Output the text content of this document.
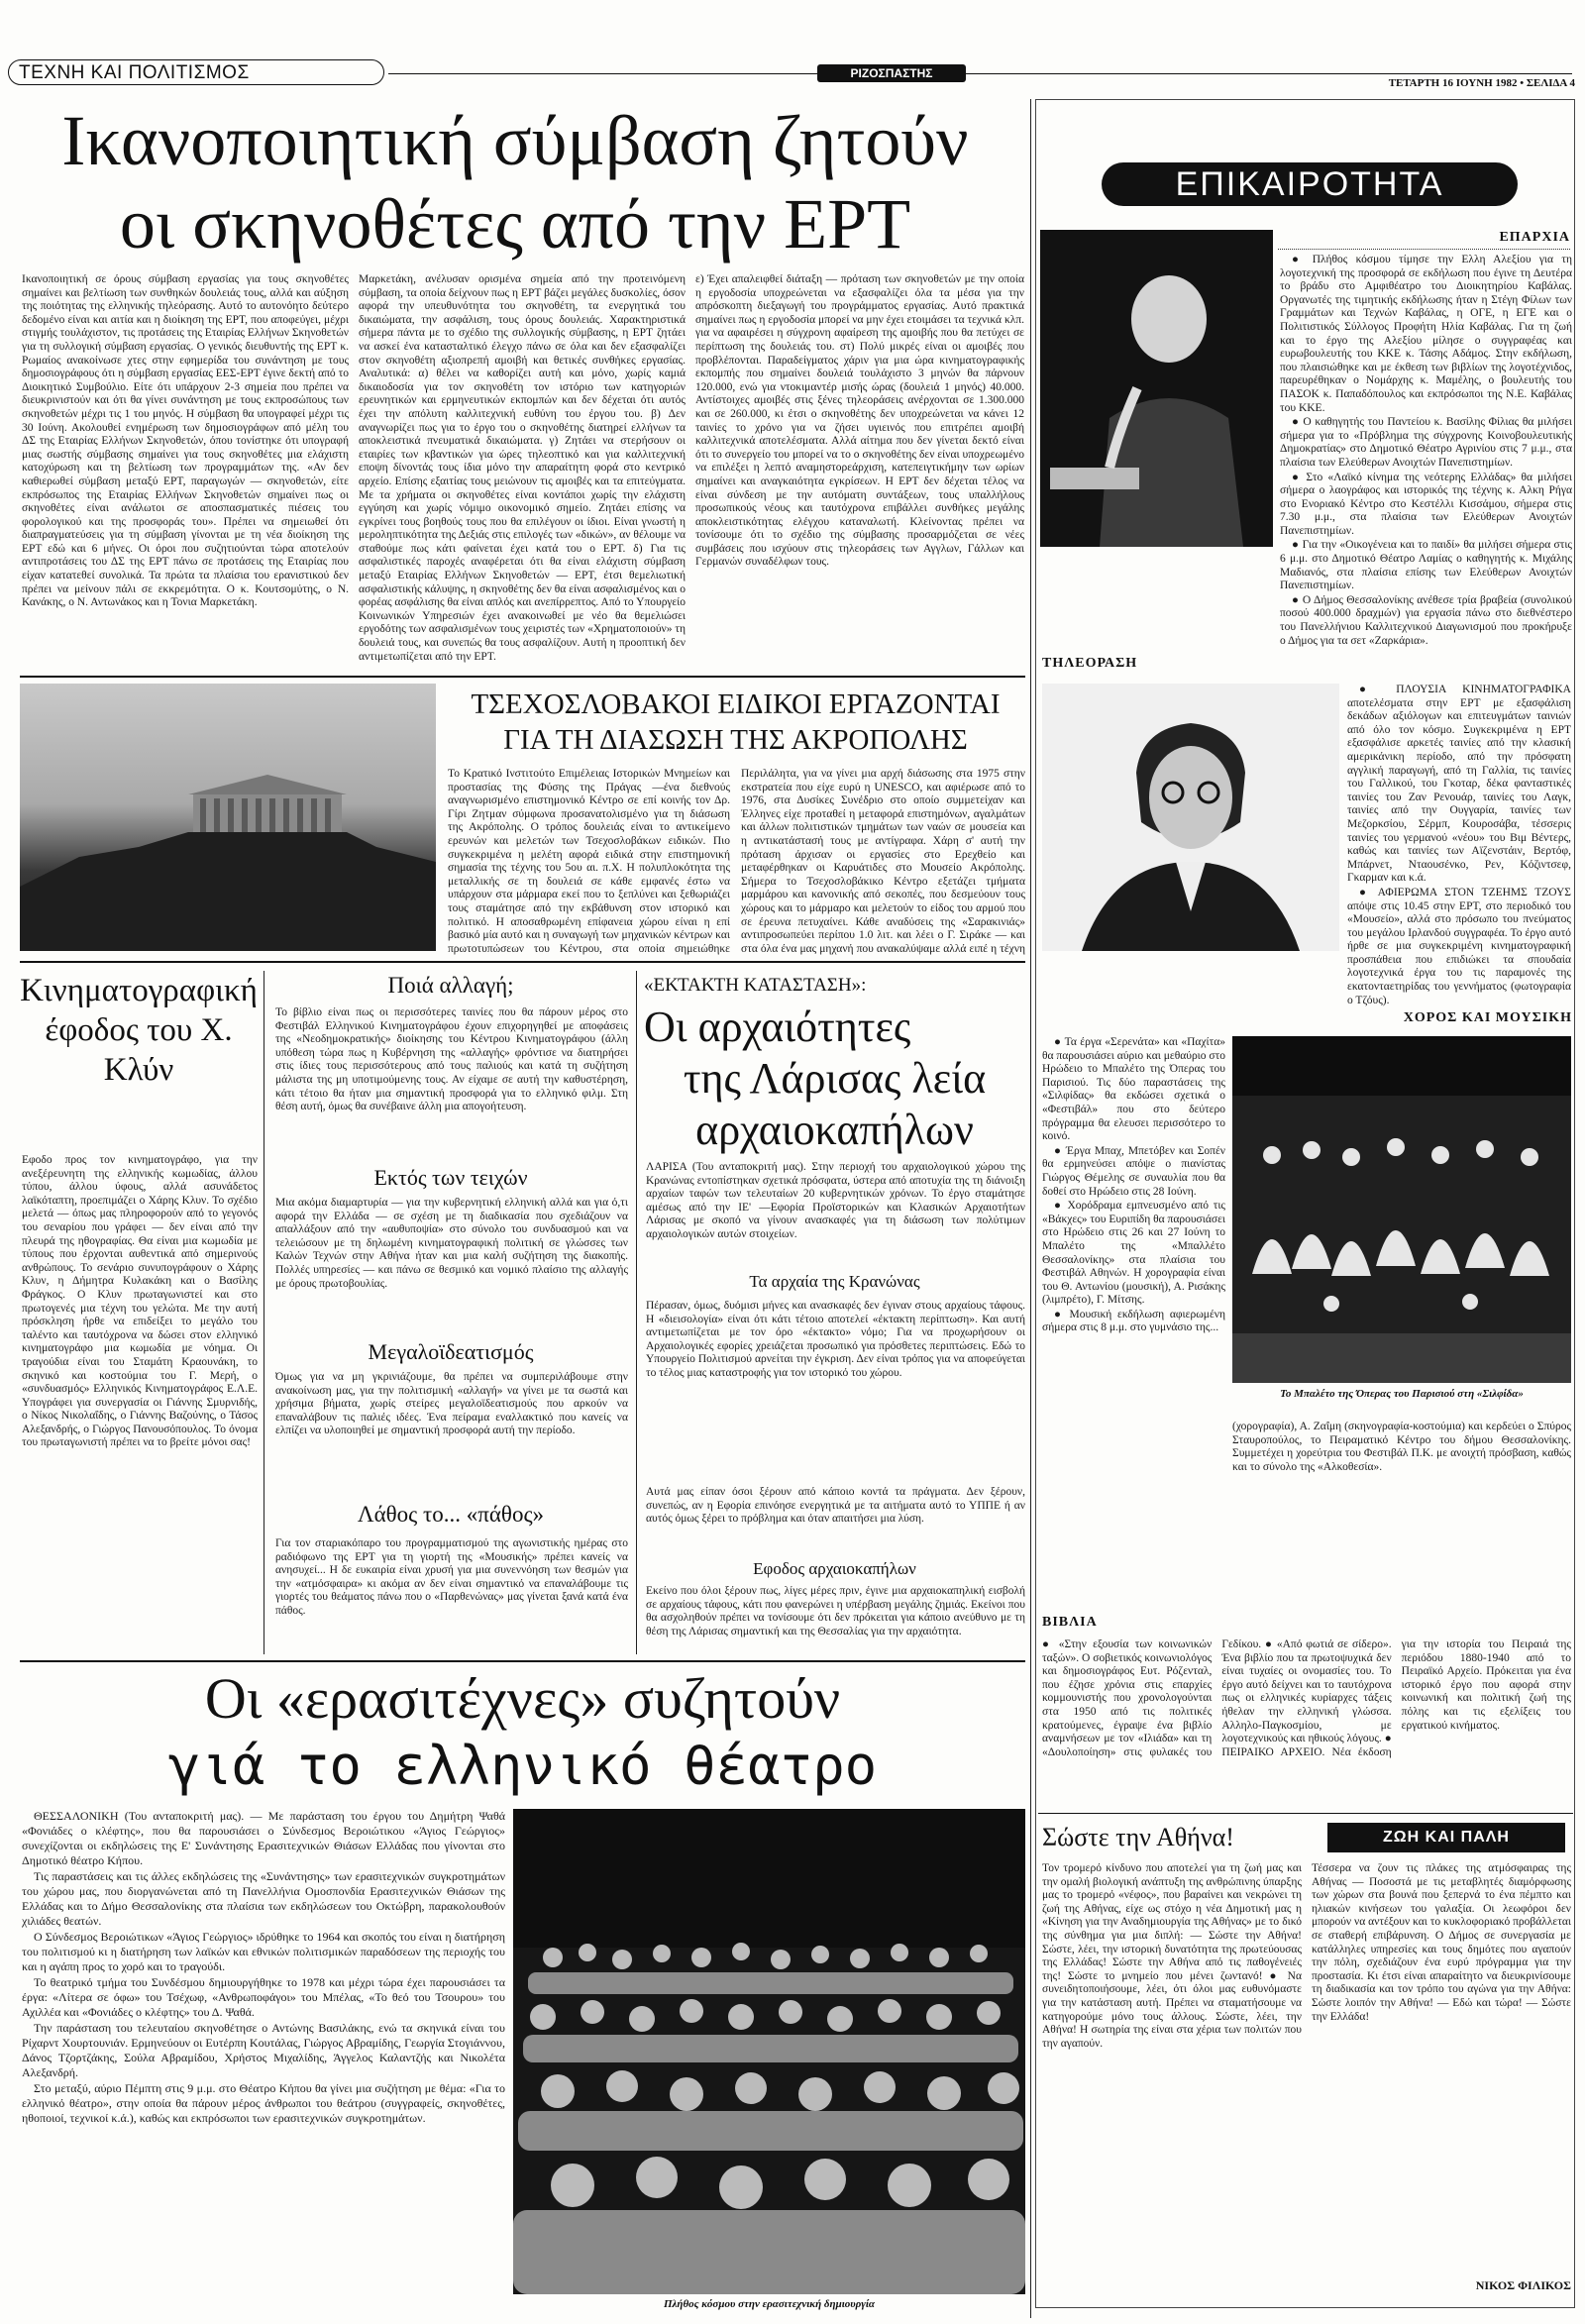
ΤΕΧΝΗ ΚΑΙ ΠΟΛΙΤΙΣΜΟΣ	ΡΙΖΟΣΠΑΣΤΗΣ
ΤΕΤΑΡΤΗ 16 ΙΟΥΝΗ 1982 • ΣΕΛΙΔΑ 4
Ικανοποιητική σύμβαση ζητούν
οι σκηνοθέτες από την ΕΡΤ
Ικανοποιητική σε όρους σύμβαση εργασίας για τους σκηνοθέτες σημαίνει και βελτίωση των συνθηκών δουλειάς τους, αλλά και αύξηση της ποιότητας της ελληνικής τηλεόρασης. Αυτό το αυτονόητο δεύτερο δεδομένο είναι και αιτία και η διοίκηση της ΕΡΤ, που αποφεύγει, μέχρι στιγμής τουλάχιστον, τις προτάσεις της Εταιρίας Ελλήνων Σκηνοθετών για τη συλλογική σύμβαση εργασίας. Ο γενικός διευθυντής της ΕΡΤ κ. Ρωμαίος ανακοίνωσε χτες στην εφημερίδα του συνάντηση με τους δημοσιογράφους ότι η σύμβαση εργασίας ΕΕΣ-ΕΡΤ έγινε δεκτή από το Διοικητικό Συμβούλιο. Είτε ότι υπάρχουν 2-3 σημεία που πρέπει να διευκρινιστούν και ότι θα γίνει συνάντηση με τους εκπροσώπους των σκηνοθετών μέχρι τις 1 του μηνός. Η σύμβαση θα υπογραφεί μέχρι τις 30 Ιούνη. Ακολουθεί ενημέρωση των δημοσιογράφων από μέλη του ΔΣ της Εταιρίας Ελλήνων Σκηνοθετών, όπου τονίστηκε ότι υπογραφή μιας σωστής σύμβασης σημαίνει για τους σκηνοθέτες μια ελάχιστη κατοχύρωση και τη βελτίωση των προγραμμάτων της. «Αν δεν καθιερωθεί σύμβαση μεταξύ ΕΡΤ, παραγωγών — σκηνοθετών, είτε εκπρόσωπος της Εταιρίας Ελλήνων Σκηνοθετών σημαίνει πως οι σκηνοθέτες είναι ανάλωτοι σε αποσπασματικές πιέσεις του φορολογικού και της προσφοράς του». Πρέπει να σημειωθεί ότι διαπραγματεύσεις για τη σύμβαση γίνονται με τη νέα διοίκηση της ΕΡΤ εδώ και 6 μήνες. Οι όροι που συζητιούνται τώρα αποτελούν αντιπροτάσεις του ΔΣ της ΕΡΤ πάνω σε προτάσεις της Εταιρίας που είχαν κατατεθεί συνολικά. Τα πρώτα τα πλαίσια του ερανιστικού δεν πρέπει να μείνουν πάλι σε εκκρεμότητα. Ο κ. Κουτσομύτης, ο Ν. Κανάκης, ο Ν. Αντωνάκος και η Τονια Μαρκετάκη.
Μαρκετάκη, ανέλυσαν ορισμένα σημεία από την προτεινόμενη σύμβαση, τα οποία δείχνουν πως η ΕΡΤ βάζει μεγάλες δυσκολίες, όσον αφορά την υπευθυνότητα του σκηνοθέτη, τα ενεργητικά του δικαιώματα, την ασφάλιση, τους όρους δουλειάς. Χαρακτηριστικά σήμερα πάντα με το σχέδιο της συλλογικής σύμβασης, η ΕΡΤ ζητάει να ασκεί ένα κατασταλτικό έλεγχο πάνω σε όλα και δεν εξασφαλίζει στον σκηνοθέτη αξιοπρεπή αμοιβή και θετικές συνθήκες εργασίας. Αναλυτικά: α) θέλει να καθορίζει αυτή και μόνο, χωρίς καμιά δικαιοδοσία για τον σκηνοθέτη τον ιστόριο των κατηγοριών ερευνητικών και ερμηνευτικών εκπομπών και δεν δέχεται ότι αυτός έχει την απόλυτη καλλιτεχνική ευθύνη του έργου του. β) Δεν αναγνωρίζει πως για το έργο του ο σκηνοθέτης διατηρεί ελλήνων τα αποκλειστικά πνευματικά δικαιώματα. γ) Ζητάει να στερήσουν οι εταιρίες των κβαντικών για ώρες τηλεοπτικό και για καλλιτεχνική εποψη δίνοντάς τους ίδια μόνο την απαραίτητη φορά στο κεντρικό αρχείο. Επίσης εξαιτίας τους μειώνουν τις αμοιβές και τα επιτεύγματα. Με τα χρήματα οι σκηνοθέτες είναι κοντάποι χωρίς την ελάχιστη εγγύηση και χωρίς νόμιμο οικονομικό σημείο. Ζητάει επίσης να εγκρίνει τους βοηθούς τους που θα επιλέγουν οι ίδιοι. Είναι γνωστή η μεροληπτικότητα της Δεξιάς στις επιλογές των «δικών», αν θέλουμε να σταθούμε πως κάτι φαίνεται έχει κατά του ο ΕΡΤ. δ) Για τις ασφαλιστικές παροχές αναφέρεται ότι θα είναι ελάχιστη σύμβαση μεταξύ Εταιρίας Ελλήνων Σκηνοθετών — ΕΡΤ, έτσι θεμελιωτική ασφαλιστικής κάλυψης, η σκηνοθέτης δεν θα είναι ασφαλισμένος και ο φορέας ασφάλισης θα είναι απλός και ανεπίρρεπτος. Από το Υπουργείο Κοινωνικών Υπηρεσιών έχει ανακοινωθεί με νέο θα θεμελιώσει εργοδότης των ασφαλισμένων τους χειριστές των «Χρηματοποιούν» τη δουλειά τους, και συνεπώς θα τους ασφαλίζουν. Αυτή η προοπτική δεν αντιμετωπίζεται από την ΕΡΤ.
ε) Έχει απαλειφθεί διάταξη — πρόταση των σκηνοθετών με την οποία η εργοδοσία υποχρεώνεται να εξασφαλίζει όλα τα μέσα για την απρόσκοπτη διεξαγωγή του προγράμματος εργασίας. Αυτό πρακτικά σημαίνει πως η εργοδοσία μπορεί να μην έχει ετοιμάσει τα τεχνικά κλπ. για να αφαιρέσει η σύγχρονη αφαίρεση της αμοιβής που θα πετύχει σε περίπτωση της δουλειάς του. στ) Πολύ μικρές είναι οι αμοιβές που προβλέπονται. Παραδείγματος χάριν για μια ώρα κινηματογραφικής εκπομπής που σημαίνει δουλειά τουλάχιστο 3 μηνών θα πάρνουν 120.000, ενώ για ντοκιμαντέρ μισής ώρας (δουλειά 1 μηνός) 40.000. Αντίστοιχες αμοιβές στις ξένες τηλεοράσεις ανέρχονται σε 1.300.000 και σε 260.000, κι έτσι ο σκηνοθέτης δεν υποχρεώνεται να κάνει 12 ταινίες το χρόνο για να ζήσει υγιεινός που επιτρέπει αμοιβή καλλιτεχνικά αποτελέσματα. Αλλά αίτημα που δεν γίνεται δεκτό είναι ότι το συνεργείο του μπορεί να το ο σκηνοθέτης δεν είναι υποχρεωμένο να επιλέξει η λεπτό αναμηστορεάρχιση, κατεπειγτικήμην των ωρίων σημαίνει και αναγκαιότητα εγκρίσεων. Η ΕΡΤ δεν δέχεται τέλος να είναι σύνδεση με την αυτόματη συντάξεων, τους υπαλλήλους προσωπικούς νέους και ταυτόχρονα επιβάλλει συνθήκες μεγάλης αποκλειστικότητας ελέγχου καταναλωτή. Κλείνοντας πρέπει να τονίσουμε ότι το σχέδιο της σύμβασης προσαρμόζεται σε νέες συμβάσεις που ισχύουν στις τηλεοράσεις των Αγγλων, Γάλλων και Γερμανών συναδέλφων τους.
ΤΣΕΧΟΣΛΟΒΑΚΟΙ ΕΙΔΙΚΟΙ ΕΡΓΑΖΟΝΤΑΙ
ΓΙΑ ΤΗ ΔΙΑΣΩΣΗ ΤΗΣ ΑΚΡΟΠΟΛΗΣ
Το Κρατικό Ινστιτούτο Επιμέλειας Ιστορικών Μνημείων και προστασίας της Φύσης της Πράγας —ένα διεθνούς αναγνωρισμένο επιστημονικό Κέντρο σε επί κοινής τον Δρ. Γίρι Ζητμαν σύμφωνα προσανατολισμένο για τη διάσωση της Ακρόπολης. Ο τρόπος δουλειάς είναι το αντικείμενο ερευνών και μελετών των Τσεχοσλοβάκων ειδικών. Πιο συγκεκριμένα η μελέτη αφορά ειδικά στην επιστημονική σημασία της τέχνης του 5ου αι. π.Χ. Η πολυπλοκότητα της μεταλλικής σε τη δουλειά σε κάθε εμφανές έστω να υπάρχουν στα μάρμαρα εκεί που το ξεπλύνει και ξεθωριάζει τους σταμάτησε από την εκβάθυνση στον ιστορικό και πολιτικό. Η αποσαθρωμένη επίφανεια χώρου είναι η επί βασικό μία αυτό και η συναγωγή των μηχανικών κέντρων και πρωτοτυπώσεων του Κέντρου, στα οποία σημειώθηκε
Περιλάλητα, για να γίνει μια αρχή διάσωσης στα 1975 στην εκστρατεία που είχε ευρύ η UNESCO, και αφιέρωσε από το 1976, στα Δυσίκες Συνέδριο στο οποίο συμμετείχαν και Έλληνες είχε προταθεί η μεταφορά επιστημόνων, αγαλμάτων και άλλων πολιτιστικών τμημάτων των ναών σε μουσεία και η αντικατάστασή τους με αντίγραφα. Χάρη σ' αυτή την πρόταση άρχισαν οι εργασίες στο Ερεχθείο και μεταφέρθηκαν οι Καρυάτιδες στο Μουσείο Ακρόπολης. Σήμερα το Τσεχοσλοβάκικο Κέντρο εξετάζει τμήματα μαρμάρου και κανονικής από σεκοπές, που δεσμεύουν τους χώρους και το μάρμαρο και μελετούν το είδος του αρμού που σε έρευνα πετυχαίνει. Κάθε αναδύσεις της «Σαρακινιάς» αντιπροσωπεύει περίπου 1.0 λιτ. και λέει ο Γ. Σιράκε — και στα όλα ένα μας μηχανή που ανακαλύψαμε αλλά ειπέ η τέχνη
Κινηματογραφική έφοδος του Χ. Κλύν
Εφοδο προς τον κινηματογράφο, για την ανεξέρευνητη της ελληνικής κωμωδίας, άλλου τύπου, άλλου ύφους, αλλά ασυνάδετος λαϊκόταπτη, προεπιμάζει ο Χάρης Κλυν. Το σχέδιο μελετά — όπως μας πληροφορούν από το γεγονός του σεναρίου που γράφει — δεν είναι από την πλευρά της ηθογραφίας. Θα είναι μια κωμωδία με τύπους που έρχονται αυθεντικά από σημερινούς ανθρώπους. Το σενάριο συνυπογράφουν ο Χάρης Κλυν, η Δήμητρα Κυλακάκη και ο Βασίλης Φράγκος. Ο Κλυν πρωταγωνιστεί και στο πρωτογενές μια τέχνη του γελώτα. Με την αυτή πρόσκληση ήρθε να επιδείξει το μεγάλο του ταλέντο και ταυτόχρονα να δώσει στον ελληνικό κινηματογράφο μια κωμωδία με νόημα. Οι τραγούδια είναι του Σταμάτη Κραουνάκη, το σκηνικό και κοστούμια του Γ. Μερή, ο «συνδυασμός» Ελληνικός Κινηματογράφος Ε.Λ.Ε. Υπογράφει για συνεργασία οι Γιάννης Σμυρνιδής, ο Νίκος Νικολαΐδης, ο Γιάννης Βαζούνης, ο Τάσος Αλεξανδρής, ο Γιώργος Πανουσόπουλος. Το όνομα του πρωταγωνιστή πρέπει να το βρείτε μόνοι σας!
Ποιά αλλαγή;
Το βίβλιο είναι πως οι περισσότερες ταινίες που θα πάρουν μέρος στο Φεστιβάλ Ελληνικού Κινηματογράφου έχουν επιχορηγηθεί με αποφάσεις της «Νεοδημοκρατικής» διοίκησης του Κέντρου Κινηματογράφου (άλλη υπόθεση τώρα πως η Κυβέρνηση της «αλλαγής» φρόντισε να διατηρήσει στις ίδιες τους περισσότερους από τους παλιούς και κατά τη συζήτηση μάλιστα της μη υποτιμούμενης τους. Αν είχαμε σε αυτή την καθυστέρηση, κάτι τέτοιο θα ήταν μια σημαντική προσφορά για το ελληνικό φιλμ. Στη θέση αυτή, όμως θα συνέβαινε άλλη μια απογοήτευση.
Εκτός των τειχών
Μια ακόμα διαμαρτυρία — για την κυβερνητική ελληνική αλλά και για ό,τι αφορά την Ελλάδα — σε σχέση με τη διαδικασία που σχεδιάζουν να απαλλάξουν από την «αυθυποψία» στο σύνολο του συνδυασμού και να τελειώσουν με τη δηλωμένη κινηματογραφική πολιτική σε γλώσσες των Καλών Τεχνών στην Αθήνα ήταν και μια καλή συζήτηση της διακοπής. Πολλές υπηρεσίες — και πάνω σε θεσμικό και νομικό πλαίσιο της αλλαγής με όρους πρωτοβουλίας.
Μεγαλοϊδεατισμός
Όμως για να μη γκρινιάζουμε, θα πρέπει να συμπεριλάβουμε στην ανακοίνωση μας, για την πολιτισμική «αλλαγή» να γίνει με τα σωστά και χρήσιμα βήματα, χωρίς στείρες μεγαλοϊδεατισμούς που αρκούν να επαναλάβουν τις παλιές ιδέες. Ένα πείραμα εναλλακτικό που κανείς να ελπίζει να υλοποιηθεί με σημαντική προσφορά αυτή την περίοδο.
Λάθος το... «πάθος»
Για τον σταριακόπαρο του προγραμματισμού της αγωνιστικής ημέρας στο ραδιόφωνο της ΕΡΤ για τη γιορτή της «Μουσικής» πρέπει κανείς να ανησυχεί... Η δε ευκαιρία είναι χρυσή για μια συνεννόηση των θεσμών για την «ατμόσφαιρα» κι ακόμα αν δεν είναι σημαντικό να επαναλάβουμε τις γιορτές του θεάματος πάνω που ο «Παρθενώνας» μας γίνεται ξανά κατά ένα πάθος.
«ΕΚΤΑΚΤΗ ΚΑΤΑΣΤΑΣΗ»:
Οι αρχαιότητες
της Λάρισας λεία
αρχαιοκαπήλων
ΛΑΡΙΣΑ (Του ανταποκριτή μας). Στην περιοχή του αρχαιολογικού χώρου της Κρανώνας εντοπίστηκαν σχετικά πρόσφατα, ύστερα από αποτυχία της τη διάνοιξη αρχαίων ταφών των τελευταίων 20 κυβερνητικών χρόνων. Το έργο σταμάτησε αμέσως από την ΙΕ' —Εφορία Προϊστορικών και Κλασικών Αρχαιοτήτων Λάρισας με σκοπό να γίνουν ανασκαφές για τη διάσωση των πολύτιμων αρχαιολογικών αυτών στοιχείων.
Τα αρχαία της Κρανώνας
Πέρασαν, όμως, δυόμισι μήνες και ανασκαφές δεν έγιναν στους αρχαίους τάφους. Η «διεισολογία» είναι ότι κάτι τέτοιο αποτελεί «έκτακτη περίπτωση». Και αυτή αντιμετωπίζεται με τον όρο «έκτακτο» νόμο; Για να προχωρήσουν οι Αρχαιολογικές εφορίες χρειάζεται προσωπικό για πρόσθετες περιπτώσεις. Εδώ το Υπουργείο Πολιτισμού αρνείται την έγκριση. Δεν είναι τρόπος για να αποφεύγεται το τέλος μιας καταστροφής για τον ιστορικό του χώρου.
Αυτά μας είπαν όσοι ξέρουν από κάποιο κοντά τα πράγματα. Δεν ξέρουν, συνεπώς, αν η Εφορία επινόησε ενεργητικά με τα αιτήματα αυτό το ΥΠΠΕ ή αν αυτός όμως ξέρει το πρόβλημα και όταν απαιτήσει μια λύση.
Εφοδος αρχαιοκαπήλων
Εκείνο που όλοι ξέρουν πως, λίγες μέρες πριν, έγινε μια αρχαιοκαπηλική εισβολή σε αρχαίους τάφους, κάτι που φανερώνει η υπέρβαση μεγάλης ζημιάς. Εκείνοι που θα ασχοληθούν πρέπει να τονίσουμε ότι δεν πρόκειται για κάποιο ανεύθυνο με τη θέση της Λάρισας σημαντική και της Θεσσαλίας για την αρχαιότητα.
Οι «ερασιτέχνες» συζητούν
γιά το ελληνικό θέατρο

ΘΕΣΣΑΛΟΝΙΚΗ (Του ανταποκριτή μας). — Με παράσταση του έργου του Δημήτρη Ψαθά «Φονιάδες ο κλέφτης», που θα παρουσιάσει ο Σύνδεσμος Βεροιώτικου «Άγιος Γεώργιος» συνεχίζονται οι εκδηλώσεις της Ε' Συνάντησης Ερασιτεχνικών Θιάσων Ελλάδας που γίνονται στο Δημοτικό θέατρο Κήπου.

Τις παραστάσεις και τις άλλες εκδηλώσεις της «Συνάντησης» των ερασιτεχνικών συγκροτημάτων του χώρου μας, που διοργανώνεται από τη Πανελλήνια Ομοσπονδία Ερασιτεχνικών Θιάσων της Ελλάδας και το Δήμο Θεσσαλονίκης στα πλαίσια των εκδηλώσεων του Οκτώβρη, παρακολουθούν χιλιάδες θεατών.

Ο Σύνδεσμος Βεροιώτικων «Άγιος Γεώργιος» ιδρύθηκε το 1964 και σκοπός του είναι η διατήρηση του πολιτισμού κι η διατήρηση των λαϊκών και εθνικών πολιτισμικών παραδόσεων της περιοχής του και η αγάπη προς το χορό και το τραγούδι.

Το θεατρικό τμήμα του Συνδέσμου δημιουργήθηκε το 1978 και μέχρι τώρα έχει παρουσιάσει τα έργα: «Λίτερα σε όφω» του Τσέχωφ, «Ανθρωποφάγοι» του Μπέλας, «Το θεό του Τσουρου» του Αχιλλέα και «Φονιάδες ο κλέφτης» του Δ. Ψαθά.

Την παράσταση του τελευταίου σκηνοθέτησε ο Αντώνης Βασιλάκης, ενώ τα σκηνικά είναι του Ρίχαρντ Χουρτουνιάν. Ερμηνεύουν οι Ευτέρπη Κουτάλας, Γιώργος Αβραμίδης, Γεωργία Στογιάννου, Δάνος Τζορτζάκης, Σούλα Αβραμίδου, Χρήστος Μιχαλίδης, Άγγελος Καλαντζής και Νικολέτα Αλεξανδρή.

Στο μεταξύ, αύριο Πέμπτη στις 9 μ.μ. στο Θέατρο Κήπου θα γίνει μια συζήτηση με θέμα: «Για το ελληνικό θέατρο», στην οποία θα πάρουν μέρος άνθρωποι του θεάτρου (συγγραφείς, σκηνοθέτες, ηθοποιοί, τεχνικοί κ.ά.), καθώς και εκπρόσωποι των ερασιτεχνικών συγκροτημάτων.

Πλήθος κόσμου στην ερασιτεχνική δημιουργία
ΕΠΙΚΑΙΡΟΤΗΤΑ
ΕΠΑΡΧΙΑ

● Πλήθος κόσμου τίμησε την Ελλη Αλεξίου για τη λογοτεχνική της προσφορά σε εκδήλωση που έγινε τη Δευτέρα το βράδυ στο Αμφιθέατρο του Διοικητηρίου Καβάλας. Οργανωτές της τιμητικής εκδήλωσης ήταν η Στέγη Φίλων των Γραμμάτων και Τεχνών Καβάλας, η ΟΓΕ, η ΕΓΕ και ο Πολιτιστικός Σύλλογος Προφήτη Ηλία Καβάλας. Για τη ζωή και το έργο της Αλεξίου μίλησε ο συγγραφέας και ευρωβουλευτής του ΚΚΕ κ. Τάσης Αδάμος. Στην εκδήλωση, που πλαισιώθηκε και με έκθεση των βιβλίων της λογοτέχνιδος, παρευρέθηκαν ο Νομάρχης κ. Μαμέλης, ο βουλευτής του ΠΑΣΟΚ κ. Παπαδόπουλος και εκπρόσωποι της Ν.Ε. Καβάλας του ΚΚΕ.

● Ο καθηγητής του Παντείου κ. Βασίλης Φίλιας θα μιλήσει σήμερα για το «Πρόβλημα της σύγχρονης Κοινοβουλευτικής Δημοκρατίας» στο Δημοτικό Θέατρο Αγρινίου στις 7 μ.μ., στα πλαίσια των Ελεύθερων Ανοιχτών Πανεπιστημίων.

● Στο «Λαϊκό κίνημα της νεότερης Ελλάδας» θα μιλήσει σήμερα ο λαογράφος και ιστορικός της τέχνης κ. Αλκη Ρήγα στο Ενοριακό Κέντρο στο Κεστέλλι Κισσάμου, σήμερα στις 7.30 μ.μ., στα πλαίσια των Ελεύθερων Ανοιχτών Πανεπιστημίων.

● Για την «Οικογένεια και το παιδί» θα μιλήσει σήμερα στις 6 μ.μ. στο Δημοτικό Θέατρο Λαμίας ο καθηγητής κ. Μιχάλης Μαδιανός, στα πλαίσια επίσης των Ελεύθερων Ανοιχτών Πανεπιστημίων.

● Ο Δήμος Θεσσαλονίκης ανέθεσε τρία βραβεία (συνολικού ποσού 400.000 δραχμών) για εργασία πάνω στο διεθνέστερο του Πανελλήνιου Καλλιτεχνικού Διαγωνισμού που προκήρυξε ο Δήμος για τα σετ «Ζαρκάρια».

ΤΗΛΕΟΡΑΣΗ

● ΠΛΟΥΣΙΑ ΚΙΝΗΜΑΤΟΓΡΑΦΙΚΑ αποτελέσματα στην ΕΡΤ με εξασφάλιση δεκάδων αξιόλογων και επιτευγμάτων ταινιών από όλο τον κόσμο. Συγκεκριμένα η ΕΡΤ εξασφάλισε αρκετές ταινίες από την κλασική αμερικάνικη περίοδο, από την πρόσφατη αγγλική παραγωγή, από τη Γαλλία, τις ταινίες του Γαλλικού, του Γκοταρ, δέκα φανταστικές ταινίες του Ζαν Ρενουάρ, ταινίες του Λαγκ, ταινίες από την Ουγγαρία, ταινίες των Μεζορκσίου, Σέρμπ, Κουροσάβα, τέσσερις ταινίες του γερμανού «νέου» του Βιμ Βέντερς, καθώς και ταινίες των Αϊζενστάιν, Βερτόφ, Μπάρνετ, Νταουσένκο, Ρεν, Κόζιντσεφ, Γκαρμαν και κ.ά.

● ΑΦΙΕΡΩΜΑ ΣΤΟΝ ΤΖΕΗΜΣ ΤΖΟΥΣ απόψε στις 10.45 στην ΕΡΤ, στο περιοδικό του «Μουσείο», αλλά στο πρόσωπο του πνεύματος του μεγάλου Ιρλανδού συγγραφέα. Το έργο αυτό ήρθε σε μια συγκεκριμένη κινηματογραφική προσπάθεια που επιδιώκει τα σπουδαία λογοτεχνικά έργα του τις παραμονές της εκατονταετηρίδας του γεννήματος (φωτογραφία ο Τζόυς).

ΧΟΡΟΣ ΚΑΙ ΜΟΥΣΙΚΗ

● Τα έργα «Σερενάτα» και «Παχίτα» θα παρουσιάσει αύριο και μεθαύριο στο Ηρώδειο το Μπαλέτο της Όπερας του Παρισιού. Τις δύο παραστάσεις της «Σιλφίδας» θα εκδώσει σχετικά ο «Φεστιβάλ» που στο δεύτερο πρόγραμμα θα ελευσει περισσότερο το κοινό.

● Έργα Μπαχ, Μπετόβεν και Σοπέν θα ερμηνεύσει απόψε ο πιανίστας Γιώργος Θέμελης σε συναυλία που θα δοθεί στο Ηρώδειο στις 28 Ιούνη.

● Χορόδραμα εμπνευσμένο από τις «Βάκχες» του Ευριπίδη θα παρουσιάσει στο Ηρώδειο στις 26 και 27 Ιούνη το Μπαλέτο της «Μπαλλέτο Θεσσαλονίκης» στα πλαίσια του Φεστιβάλ Αθηνών. Η χορογραφία είναι του Θ. Αντωνίου (μουσική), Α. Ρισάκης (λιμπρέτο), Γ. Μίτσης.

● Μουσική εκδήλωση αφιερωμένη σήμερα στις 8 μ.μ. στο γυμνάσιο της...

Το Μπαλέτο της Όπερας του Παρισιού στη «Σιλφίδα»
(χορογραφία), Α. Ζαΐμη (σκηνογραφία-κοστούμια) και κερδεύει ο Σπύρος Σταυροπούλος, το Πειραματικό Κέντρο του δήμου Θεσσαλονίκης. Συμμετέχει η χορεύτρια του Φεστιβάλ Π.Κ. με ανοιχτή πρόσβαση, καθώς και το σύνολο της «Αλκοθεσία».
ΒΙΒΛΙΑ
● «Στην εξουσία των κοινωνικών ταξών». Ο σοβιετικός κοινωνιολόγος και δημοσιογράφος Ευτ. Ρόζενταλ, που έζησε χρόνια στις επαρχίες κομμουνιστής που χρονολογούνται στα 1950 από τις πολιτικές κρατούμενες, έγραψε ένα βιβλίο αναμνήσεων με τον «Ιλιάδα» και τη «Δουλοποίηση» στις φυλακές του Γεδίκου. ● «Από φωτιά σε σίδερο». Ένα βιβλίο που τα πρωτοψυχικά δεν είναι τυχαίες οι ονομασίες του. Το έργο αυτό δείχνει και το ταυτόχρονα πως οι ελληνικές κυρίαρχες τάξεις ήθελαν την ελληνική γλώσσα. Αλληλο-Παγκοσμίου, με λογοτεχνικούς και ηθικούς λόγους. ● ΠΕΙΡΑΙΚΟ ΑΡΧΕΙΟ. Νέα έκδοση για την ιστορία του Πειραιά της περιόδου 1880-1940 από το Πειραϊκό Αρχείο. Πρόκειται για ένα ιστορικό έργο που αφορά στην κοινωνική και πολιτική ζωή της πόλης και τις εξελίξεις του εργατικού κινήματος.
Σώστε την Αθήνα!	ΖΩΗ ΚΑΙ ΠΑΛΗ
Τον τρομερό κίνδυνο που αποτελεί για τη ζωή μας και την ομαλή βιολογική ανάπτυξη της ανθρώπινης ύπαρξης μας το τρομερό «νέφος», που βαραίνει και νεκρώνει τη ζωή της Αθήνας, είχε ως στόχο η νέα Δημοτική μας η «Κίνηση για την Αναδημιουργία της Αθήνας» με το δικό της σύνθημα για μια διπλή: — Σώστε την Αθήνα! Σώστε, λέει, την ιστορική δυνατότητα της πρωτεύουσας της Ελλάδας! Σώστε την Αθήνα από τις παθογένειές της! Σώστε το μνημείο που μένει ζωντανό! ● Να συνειδητοποιήσουμε, λέει, ότι όλοι μας ευθυνόμαστε για την κατάσταση αυτή. Πρέπει να σταματήσουμε να κατηγορούμε μόνο τους άλλους. Σώστε, λέει, την Αθήνα! Η σωτηρία της είναι στα χέρια των πολιτών που την αγαπούν.
Τέσσερα να ζουν τις πλάκες της ατμόσφαιρας της Αθήνας — Ποσοστά με τις μεταβλητές διαμόρφωσης των χώρων στα βουνά που ξεπερνά το ένα πέμπτο και ηλιακών κινήσεων του γαλαξία. Οι λεωφόροι δεν μπορούν να αντέξουν και το κυκλοφοριακό προβάλλεται σε σταθερή επιβάρυνση. Ο Δήμος σε συνεργασία με κατάλληλες υπηρεσίες και τους δημότες που αγαπούν την πόλη, σχεδιάζουν ένα ευρύ πρόγραμμα για την προστασία. Κι έτσι είναι απαραίτητο να διευκρινίσουμε τη διαδικασία και τον τρόπο του αγώνα για την Αθήνα: Σώστε λοιπόν την Αθήνα! — Εδώ και τώρα! — Σώστε την Ελλάδα!
ΝΙΚΟΣ ΦΙΛΙΚΟΣ
